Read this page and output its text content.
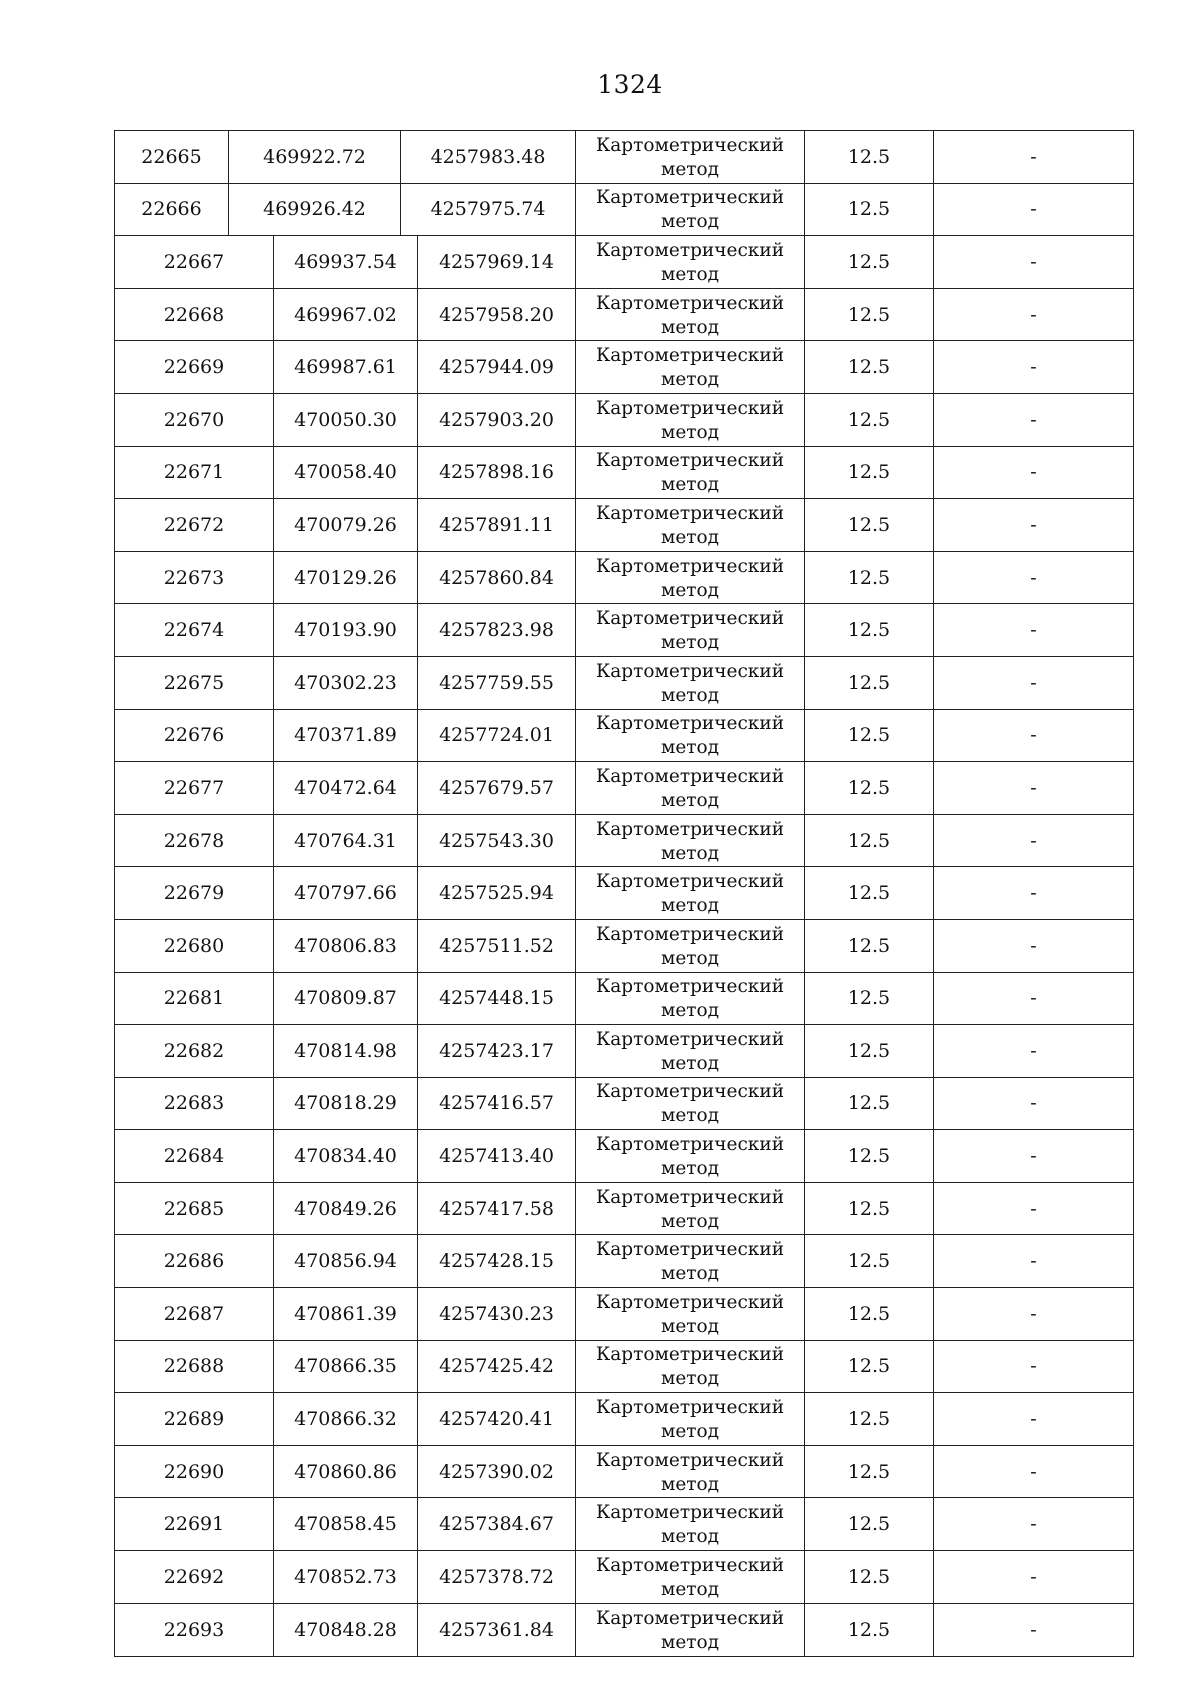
1324
22665	469922.72	4257983.48
Картометрический
метод
12.5	-
22666	469926.42	4257975.74
Картометрический
метод
12.5	-
22667	469937.54	4257969.14
Картометрический
метод
12.5	-
22668	469967.02	4257958.20
Картометрический
метод
12.5	-
22669	469987.61	4257944.09
Картометрический
метод
12.5	-
22670	470050.30	4257903.20
Картометрический
метод
12.5	-
22671	470058.40	4257898.16
Картометрический
метод
12.5	-
22672	470079.26	4257891.11
Картометрический
метод
12.5	-
22673	470129.26	4257860.84
Картометрический
метод
12.5	-
22674	470193.90	4257823.98
Картометрический
метод
12.5	-
22675	470302.23	4257759.55
Картометрический
метод
12.5	-
22676	470371.89	4257724.01
Картометрический
метод
12.5	-
22677	470472.64	4257679.57
Картометрический
метод
12.5	-
22678	470764.31	4257543.30
Картометрический
метод
12.5	-
22679	470797.66	4257525.94
Картометрический
метод
12.5	-
22680	470806.83	4257511.52
Картометрический
метод
12.5	-
22681	470809.87	4257448.15
Картометрический
метод
12.5	-
22682	470814.98	4257423.17
Картометрический
метод
12.5	-
22683	470818.29	4257416.57
Картометрический
метод
12.5	-
22684	470834.40	4257413.40
Картометрический
метод
12.5	-
22685	470849.26	4257417.58
Картометрический
метод
12.5	-
22686	470856.94	4257428.15
Картометрический
метод
12.5	-
22687	470861.39	4257430.23
Картометрический
метод
12.5	-
22688	470866.35	4257425.42
Картометрический
метод
12.5	-
22689	470866.32	4257420.41
Картометрический
метод
12.5	-
22690	470860.86	4257390.02
Картометрический
метод
12.5	-
22691	470858.45	4257384.67
Картометрический
метод
12.5	-
22692	470852.73	4257378.72
Картометрический
метод
12.5	-
22693	470848.28	4257361.84
Картометрический
метод
12.5	-
